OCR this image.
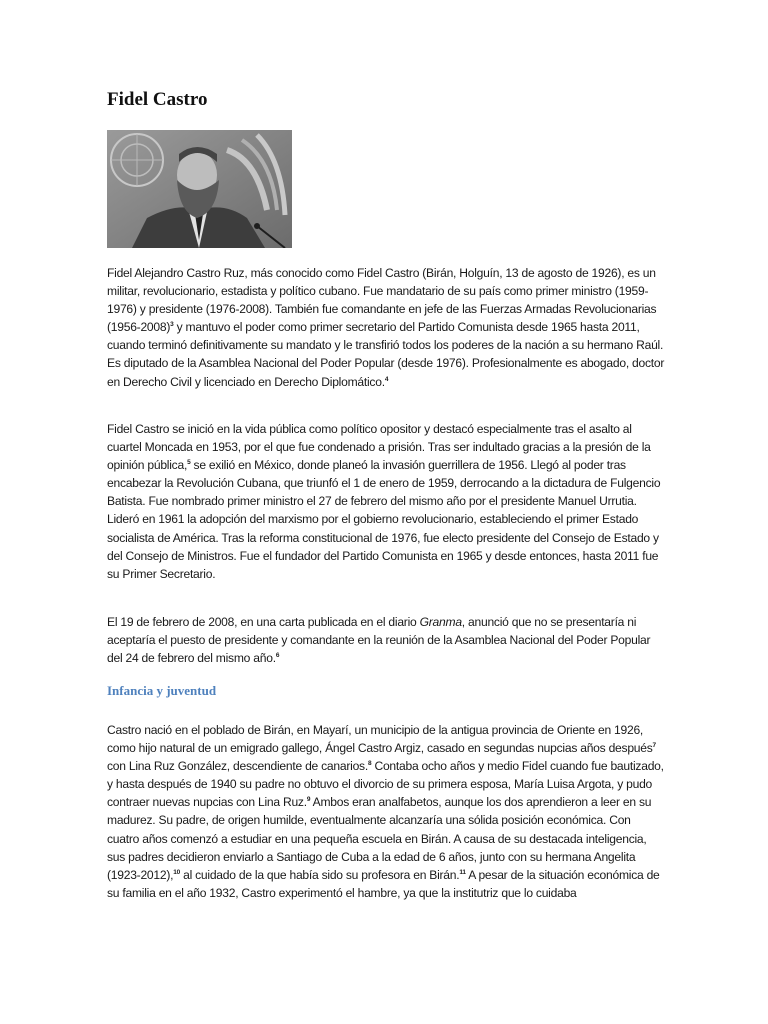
Fidel Castro

Fidel Alejandro Castro Ruz, más conocido como Fidel Castro (Birán, Holguín, 13 de agosto de 1926), es un militar, revolucionario, estadista y político cubano. Fue mandatario de su país como primer ministro (1959-1976) y presidente (1976-2008). También fue comandante en jefe de las Fuerzas Armadas Revolucionarias (1956-2008)$^3$ y mantuvo el poder como primer secretario del Partido Comunista desde 1965 hasta 2011, cuando terminó definitivamente su mandato y le transfirió todos los poderes de la nación a su hermano Raúl. Es diputado de la Asamblea Nacional del Poder Popular (desde 1976). Profesionalmente es abogado, doctor en Derecho Civil y licenciado en Derecho Diplomático.$^4$

Fidel Castro se inició en la vida pública como político opositor y destacó especialmente tras el asalto al cuartel Moncada en 1953, por el que fue condenado a prisión. Tras ser indultado gracias a la presión de la opinión pública,$^5$ se exilió en México, donde planeó la invasión guerrillera de 1956. Llegó al poder tras encabezar la Revolución Cubana, que triunfó el 1 de enero de 1959, derrocando a la dictadura de Fulgencio Batista. Fue nombrado primer ministro el 27 de febrero del mismo año por el presidente Manuel Urrutia. Lideró en 1961 la adopción del marxismo por el gobierno revolucionario, estableciendo el primer Estado socialista de América. Tras la reforma constitucional de 1976, fue electo presidente del Consejo de Estado y del Consejo de Ministros. Fue el fundador del Partido Comunista en 1965 y desde entonces, hasta 2011 fue su Primer Secretario.

El 19 de febrero de 2008, en una carta publicada en el diario Granma, anunció que no se presentaría ni aceptaría el puesto de presidente y comandante en la reunión de la Asamblea Nacional del Poder Popular del 24 de febrero del mismo año.$^6$

Infancia y juventud

Castro nació en el poblado de Birán, en Mayarí, un municipio de la antigua provincia de Oriente en 1926, como hijo natural de un emigrado gallego, Ángel Castro Argiz, casado en segundas nupcias años después$^7$ con Lina Ruz González, descendiente de canarios.$^8$ Contaba ocho años y medio Fidel cuando fue bautizado, y hasta después de 1940 su padre no obtuvo el divorcio de su primera esposa, María Luisa Argota, y pudo contraer nuevas nupcias con Lina Ruz.$^9$ Ambos eran analfabetos, aunque los dos aprendieron a leer en su madurez. Su padre, de origen humilde, eventualmente alcanzaría una sólida posición económica. Con cuatro años comenzó a estudiar en una pequeña escuela en Birán. A causa de su destacada inteligencia, sus padres decidieron enviarlo a Santiago de Cuba a la edad de 6 años, junto con su hermana Angelita (1923-2012),$^{10}$ al cuidado de la que había sido su profesora en Birán.$^{11}$ A pesar de la situación económica de su familia en el año 1932, Castro experimentó el hambre, ya que la institutriz que lo cuidaba
